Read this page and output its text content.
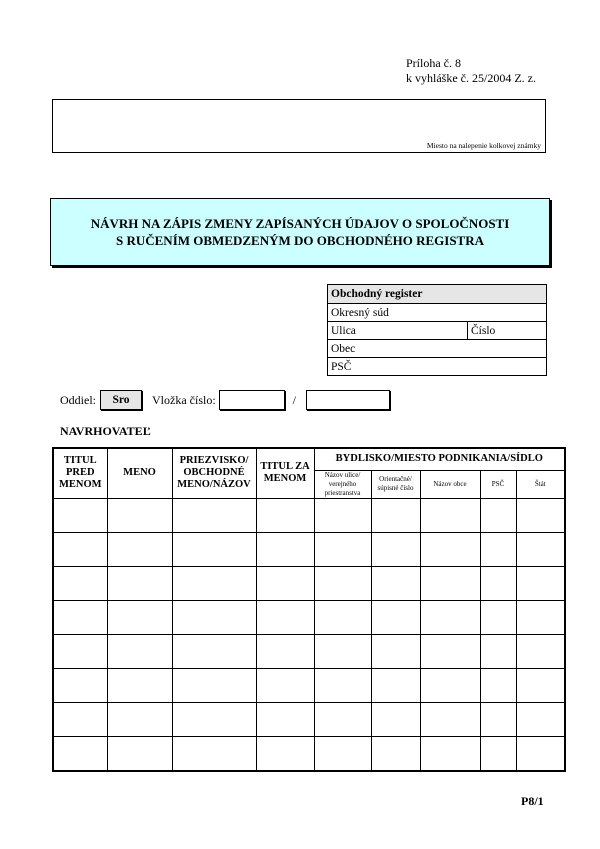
Príloha č. 8
k vyhláške č. 25/2004 Z. z.
Miesto na nalepenie kolkovej známky
NÁVRH NA ZÁPIS ZMENY ZAPÍSANÝCH ÚDAJOV O SPOLOČNOSTI
S RUČENÍM OBMEDZENÝM DO OBCHODNÉHO REGISTRA
Obchodný register
Okresný súd
Ulica	Číslo
Obec
PSČ
Oddiel:	Sro	Vložka číslo:	/
NAVRHOVATEĽ
TITUL PRED MENOM	MENO	PRIEZVISKO/ OBCHODNÉ MENO/NÁZOV	TITUL ZA MENOM	BYDLISKO/MIESTO PODNIKANIA/SÍDLO				
				Názov ulice/ verejného priestranstva	Orientačné/ súpisné číslo	Názov obce	PSČ	Štát

P8/1
